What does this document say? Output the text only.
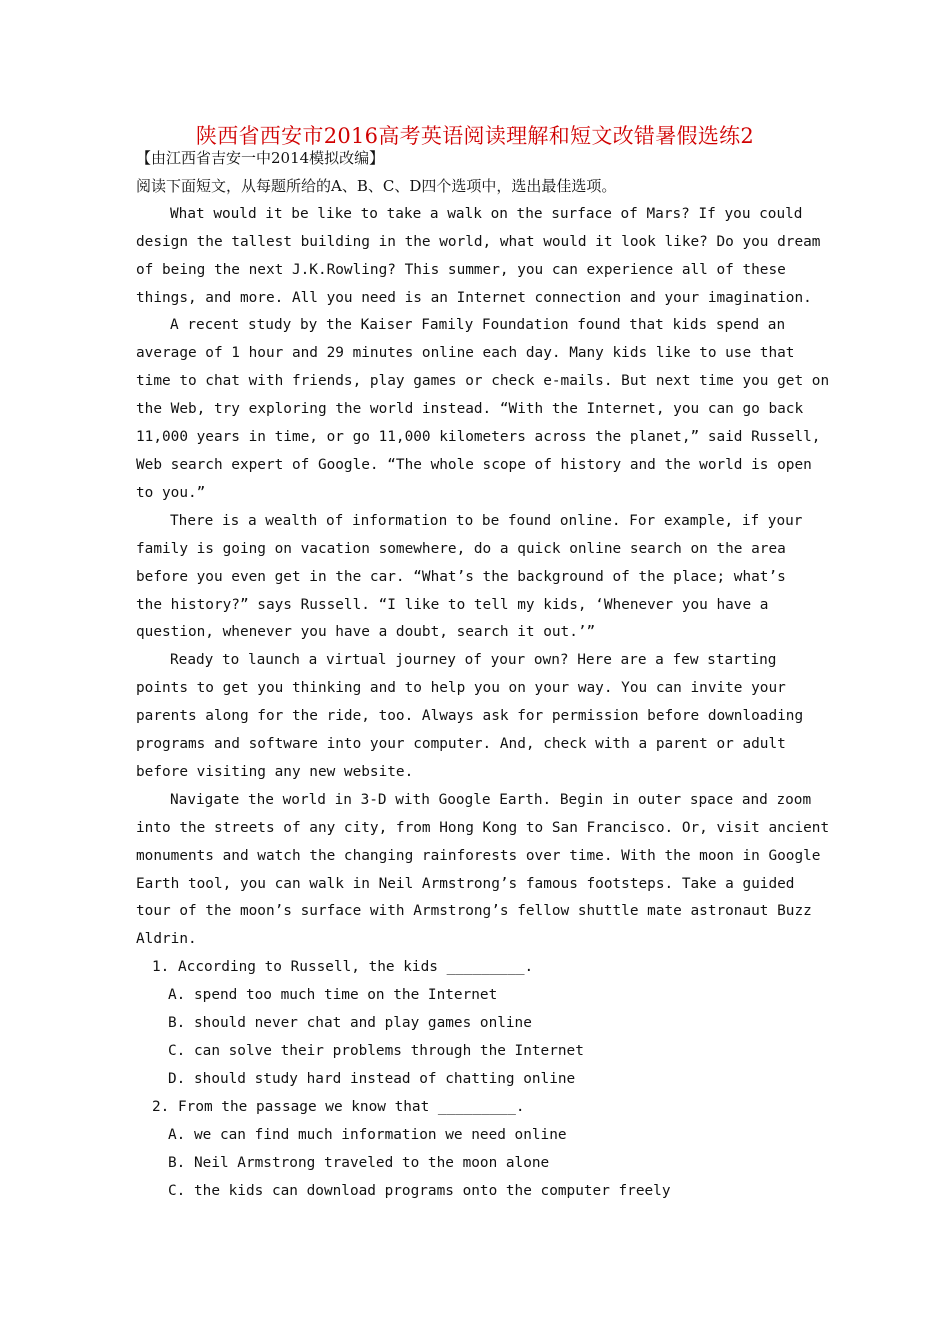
陕西省西安市2016高考英语阅读理解和短文改错暑假选练2
【由江西省吉安一中2014模拟改编】
阅读下面短文，从每题所给的A、B、C、D四个选项中，选出最佳选项。
What would it be like to take a walk on the surface of Mars? If you could
design the tallest building in the world, what would it look like? Do you dream
of being the next J.K.Rowling? This summer, you can experience all of these
things, and more. All you need is an Internet connection and your imagination.
A recent study by the Kaiser Family Foundation found that kids spend an
average of 1 hour and 29 minutes online each day. Many kids like to use that
time to chat with friends, play games or check e-mails. But next time you get on
the Web, try exploring the world instead. “With the Internet, you can go back
11,000 years in time, or go 11,000 kilometers across the planet,” said Russell,
Web search expert of Google. “The whole scope of history and the world is open
to you.”
There is a wealth of information to be found online. For example, if your
family is going on vacation somewhere, do a quick online search on the area
before you even get in the car. “What’s the background of the place; what’s
the history?” says Russell. “I like to tell my kids, ‘Whenever you have a
question, whenever you have a doubt, search it out.’”
Ready to launch a virtual journey of your own? Here are a few starting
points to get you thinking and to help you on your way. You can invite your
parents along for the ride, too. Always ask for permission before downloading
programs and software into your computer. And, check with a parent or adult
before visiting any new website.
Navigate the world in 3-D with Google Earth. Begin in outer space and zoom
into the streets of any city, from Hong Kong to San Francisco. Or, visit ancient
monuments and watch the changing rainforests over time. With the moon in Google
Earth tool, you can walk in Neil Armstrong’s famous footsteps. Take a guided
tour of the moon’s surface with Armstrong’s fellow shuttle mate astronaut Buzz
Aldrin.
1. According to Russell, the kids _________.
A. spend too much time on the Internet
B. should never chat and play games online
C. can solve their problems through the Internet
D. should study hard instead of chatting online
2. From the passage we know that _________.
A. we can find much information we need online
B. Neil Armstrong traveled to the moon alone
C. the kids can download programs onto the computer freely
